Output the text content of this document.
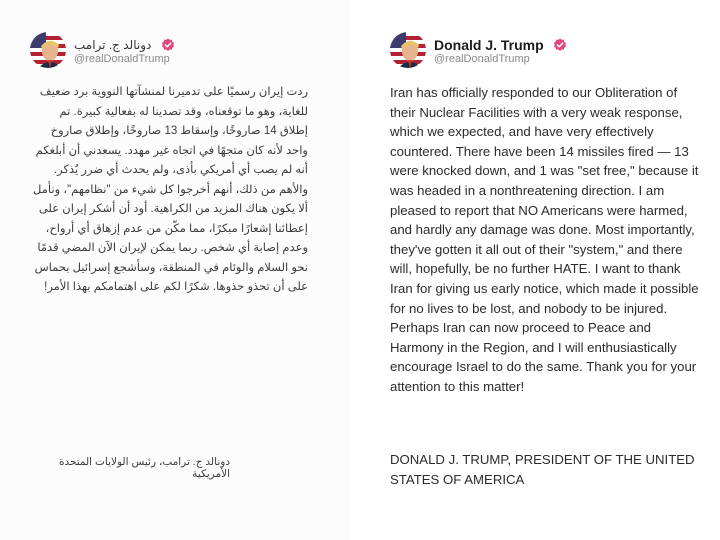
دونالد ج. ترامب
@realDonaldTrump

ردت إيران رسميًا على تدميرنا لمنشآتها النووية برد ضعيف للغاية، وهو ما توقعناه، وقد تصدينا له بفعالية كبيرة. تم إطلاق 14 صاروخًا، وإسقاط 13 صاروخًا، وإطلاق صاروخ واحد لأنه كان متجهًا في اتجاه غير مهدد. يسعدني أن أبلغكم أنه لم يصب أي أمريكي بأذى، ولم يحدث أي ضرر يُذكر. والأهم من ذلك، أنهم أخرجوا كل شيء من "نظامهم"، ونأمل ألا يكون هناك المزيد من الكراهية. أود أن أشكر إيران على إعطائنا إشعارًا مبكرًا، مما مكّن من عدم إزهاق أي أرواح، وعدم إصابة أي شخص. ربما يمكن لإيران الآن المضي قدمًا نحو السلام والوئام في المنطقة، وسأشجع إسرائيل بحماس على أن تحذو حذوها. شكرًا لكم على اهتمامكم بهذا الأمر!

دونالد ج. ترامب، رئيس الولايات المتحدة الأمريكية

Donald J. Trump
@realDonaldTrump

Iran has officially responded to our Obliteration of their Nuclear Facilities with a very weak response, which we expected, and have very effectively countered. There have been 14 missiles fired — 13 were knocked down, and 1 was "set free," because it was headed in a nonthreatening direction. I am pleased to report that NO Americans were harmed, and hardly any damage was done. Most importantly, they've gotten it all out of their "system," and there will, hopefully, be no further HATE. I want to thank Iran for giving us early notice, which made it possible for no lives to be lost, and nobody to be injured. Perhaps Iran can now proceed to Peace and Harmony in the Region, and I will enthusiastically encourage Israel to do the same. Thank you for your attention to this matter!

DONALD J. TRUMP, PRESIDENT OF THE UNITED STATES OF AMERICA
